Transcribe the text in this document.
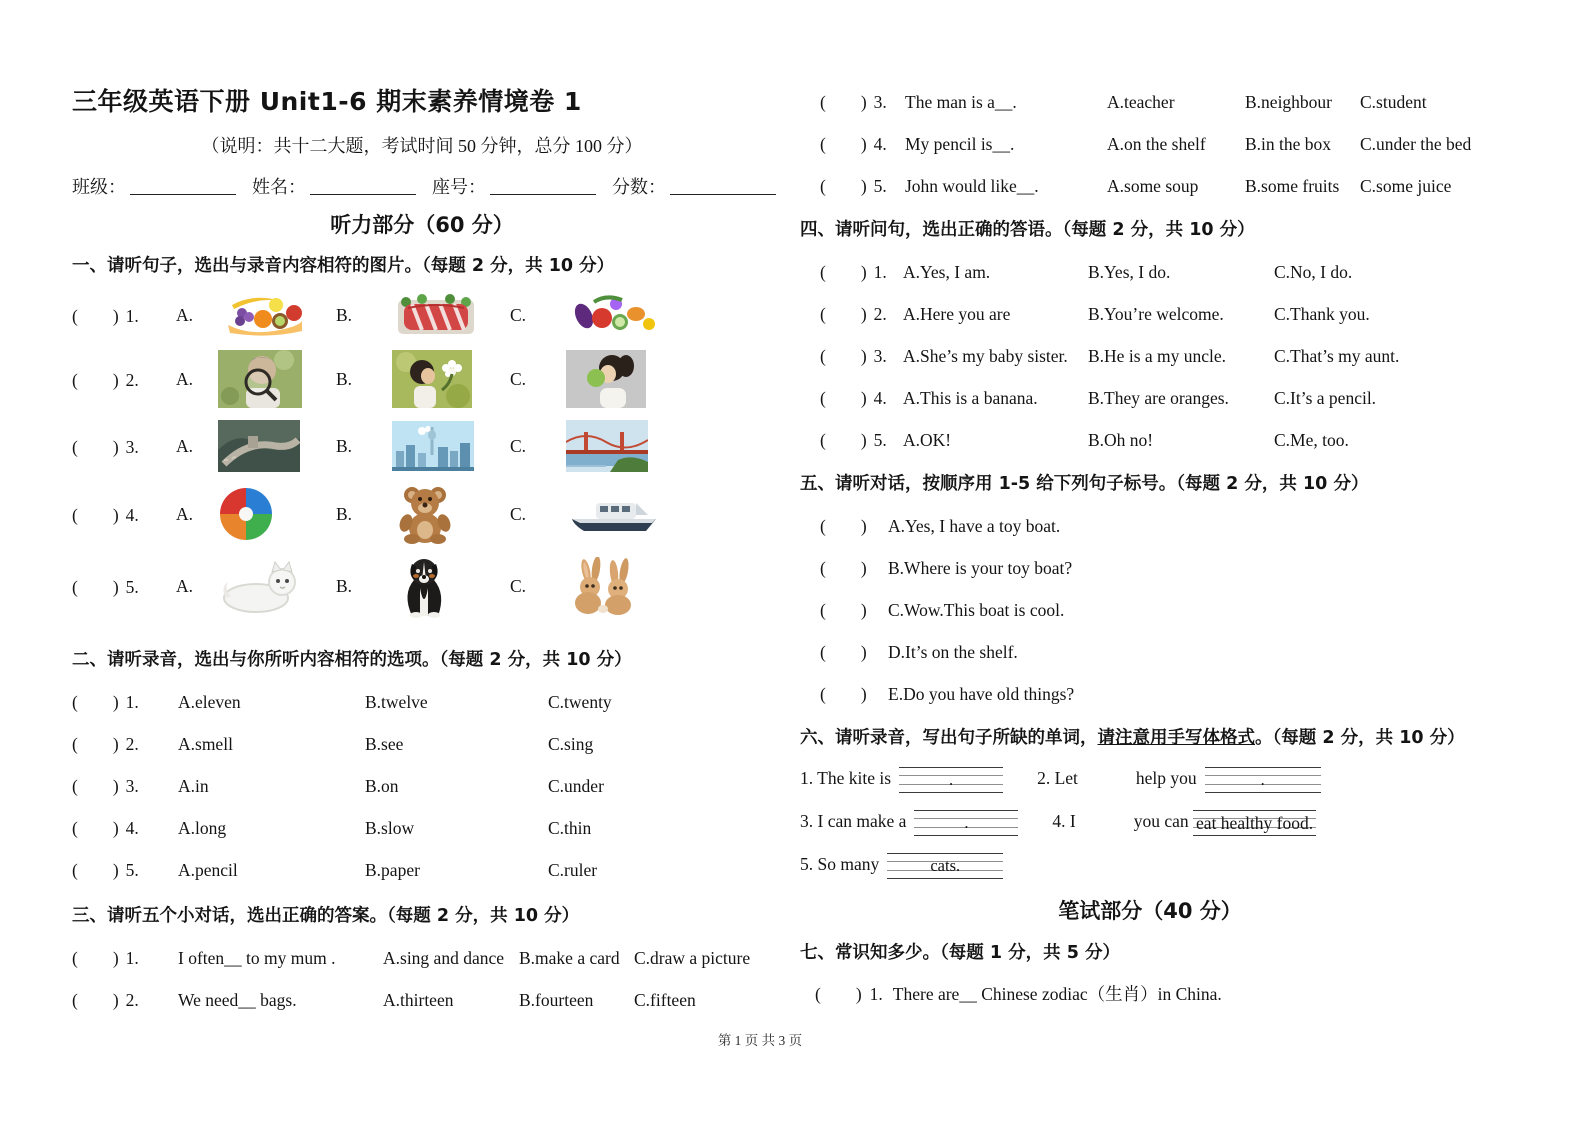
三年级英语下册 Unit1-6 期末素养情境卷 1
（说明：共十二大题，考试时间 50 分钟，总分 100 分）
班级：	姓名：	座号：	分数：
听力部分（60 分）
一、请听句子，选出与录音内容相符的图片。（每题 2 分，共 10 分）
(　　) 1.	A.	B.	C.
(　　) 2.	A.	B.	C.
(　　) 3.	A.	B.	C.
(　　) 4.	A.	B.	C.
(　　) 5.	A.	B.	C.
二、请听录音，选出与你所听内容相符的选项。（每题 2 分，共 10 分）
(　　) 1.	A.eleven	B.twelve	C.twenty
(　　) 2.	A.smell	B.see	C.sing
(　　) 3.	A.in	B.on	C.under
(　　) 4.	A.long	B.slow	C.thin
(　　) 5.	A.pencil	B.paper	C.ruler
三、请听五个小对话，选出正确的答案。（每题 2 分，共 10 分）
(　　) 1.	I often__ to my mum .	A.sing and dance B.make a card C.draw a picture
(　　) 2.	We need__ bags.	A.thirteen	B.fourteen	C.fifteen
(　　) 3.	The man is a__.	A.teacher	B.neighbour	C.student
(　　) 4.	My pencil is__.	A.on the shelf	B.in the box	C.under the bed
(　　) 5.	John would like__.	A.some soup	B.some fruits	C.some juice
四、请听问句，选出正确的答语。（每题 2 分，共 10 分）
(　　) 1. A.Yes, I am.	B.Yes, I do.	C.No, I do.
(　　) 2. A.Here you are	B.You’re welcome.	C.Thank you.
(　　) 3. A.She’s my baby sister.	B.He is a my uncle.	C.That’s my aunt.
(　　) 4. A.This is a banana.	B.They are oranges.	C.It’s a pencil.
(　　) 5. A.OK!	B.Oh no!	C.Me, too.
五、请听对话，按顺序用 1-5 给下列句子标号。（每题 2 分，共 10 分）
(　　)	A.Yes, I have a toy boat.
(　　)	B.Where is your toy boat?
(　　)	C.Wow.This boat is cool.
(　　)	D.It’s on the shelf.
(　　)	E.Do you have old things?
六、请听录音，写出句子所缺的单词，请注意用手写体格式。（每题 2 分，共 10 分）
1. The kite is	.	2. Let	help you	.
3. I can make a	.	4. I	you can eat healthy food.
5. So many	cats.
笔试部分（40 分）
七、常识知多少。（每题 1 分，共 5 分）
(　　) 1. There are__ Chinese zodiac（生肖）in China.
第 1 页 共 3 页
